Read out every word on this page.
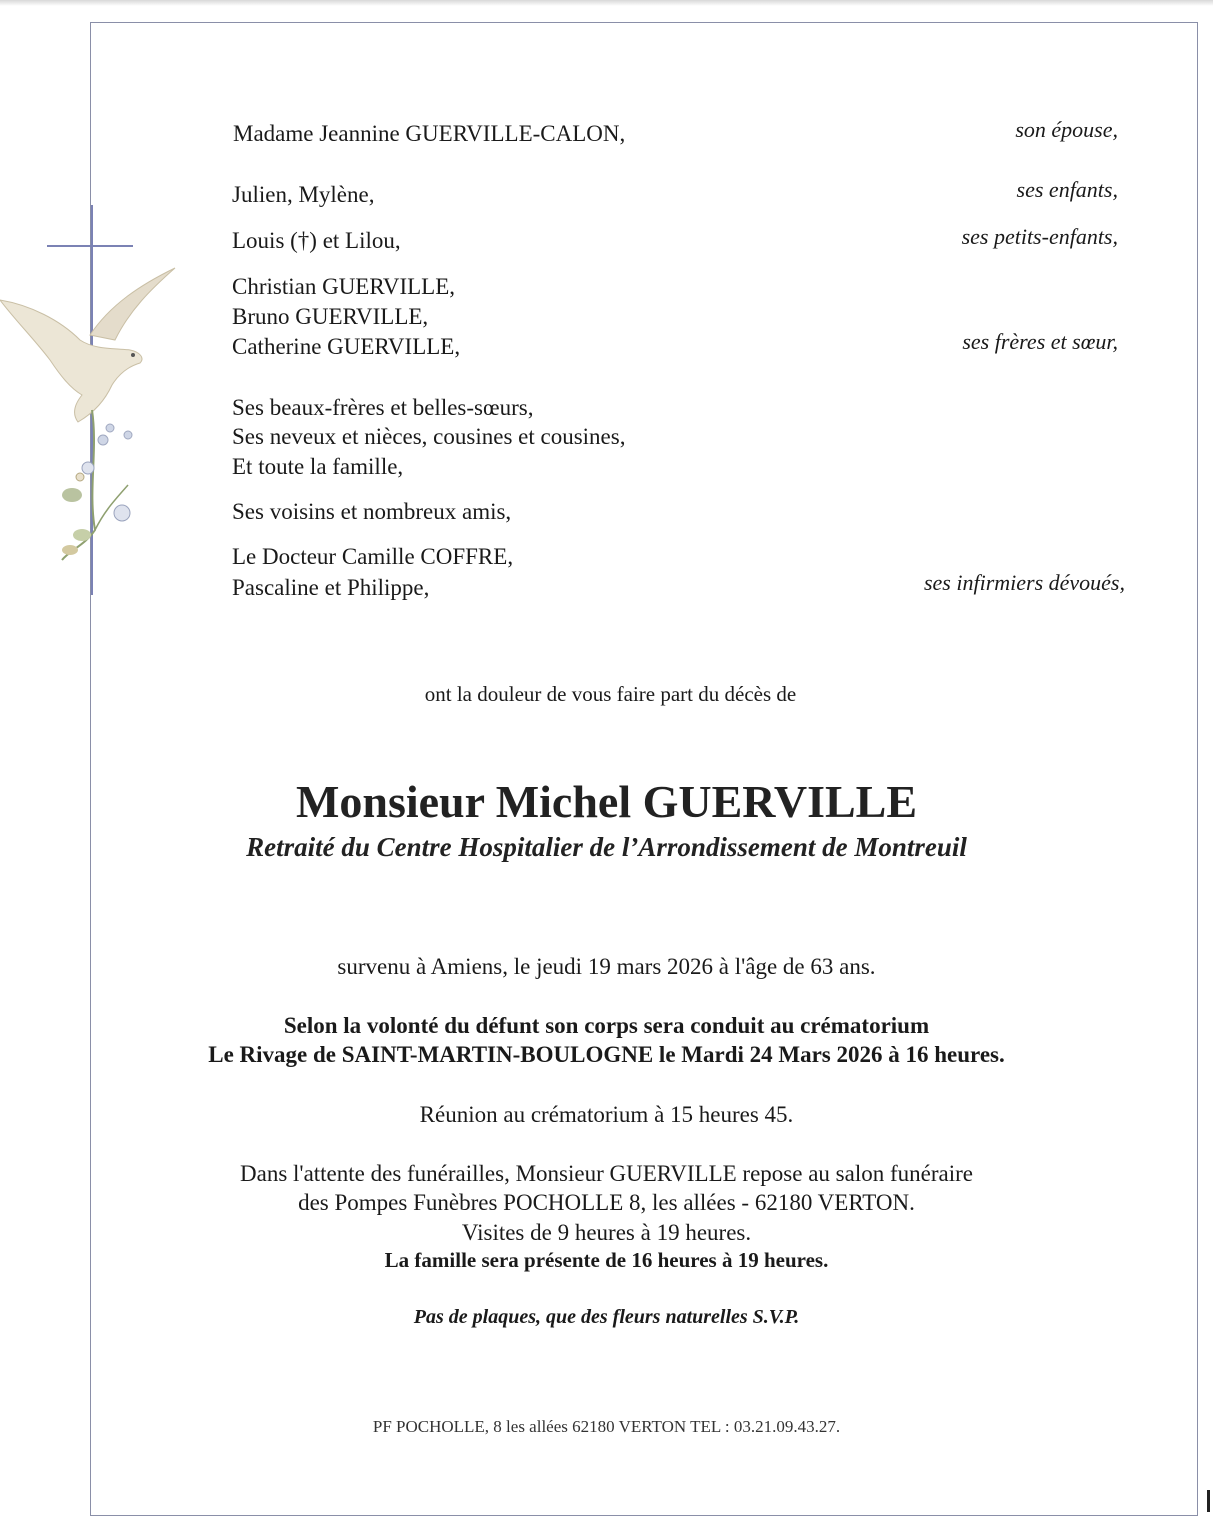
Madame Jeannine GUERVILLE-CALON,	son épouse,
Julien, Mylène,	ses enfants,
Louis (†) et Lilou,	ses petits-enfants,
Christian GUERVILLE,
Bruno GUERVILLE,
Catherine GUERVILLE,	ses frères et sœur,
Ses beaux-frères et belles-sœurs,
Ses neveux et nièces, cousines et cousines,
Et toute la famille,
Ses voisins et nombreux amis,
Le Docteur Camille COFFRE,
Pascaline et Philippe,	ses infirmiers dévoués,
ont la douleur de vous faire part du décès de
Monsieur Michel GUERVILLE
Retraité du Centre Hospitalier de l’Arrondissement de Montreuil
survenu à Amiens, le jeudi 19 mars 2026 à l'âge de 63 ans.
Selon la volonté du défunt son corps sera conduit au crématorium
Le Rivage de SAINT-MARTIN-BOULOGNE le Mardi 24 Mars 2026 à 16 heures.
Réunion au crématorium à 15 heures 45.
Dans l'attente des funérailles, Monsieur GUERVILLE repose au salon funéraire
des Pompes Funèbres POCHOLLE 8, les allées - 62180 VERTON.
Visites de 9 heures à 19 heures.
La famille sera présente de 16 heures à 19 heures.
Pas de plaques, que des fleurs naturelles S.V.P.
PF POCHOLLE, 8 les allées 62180 VERTON TEL : 03.21.09.43.27.
